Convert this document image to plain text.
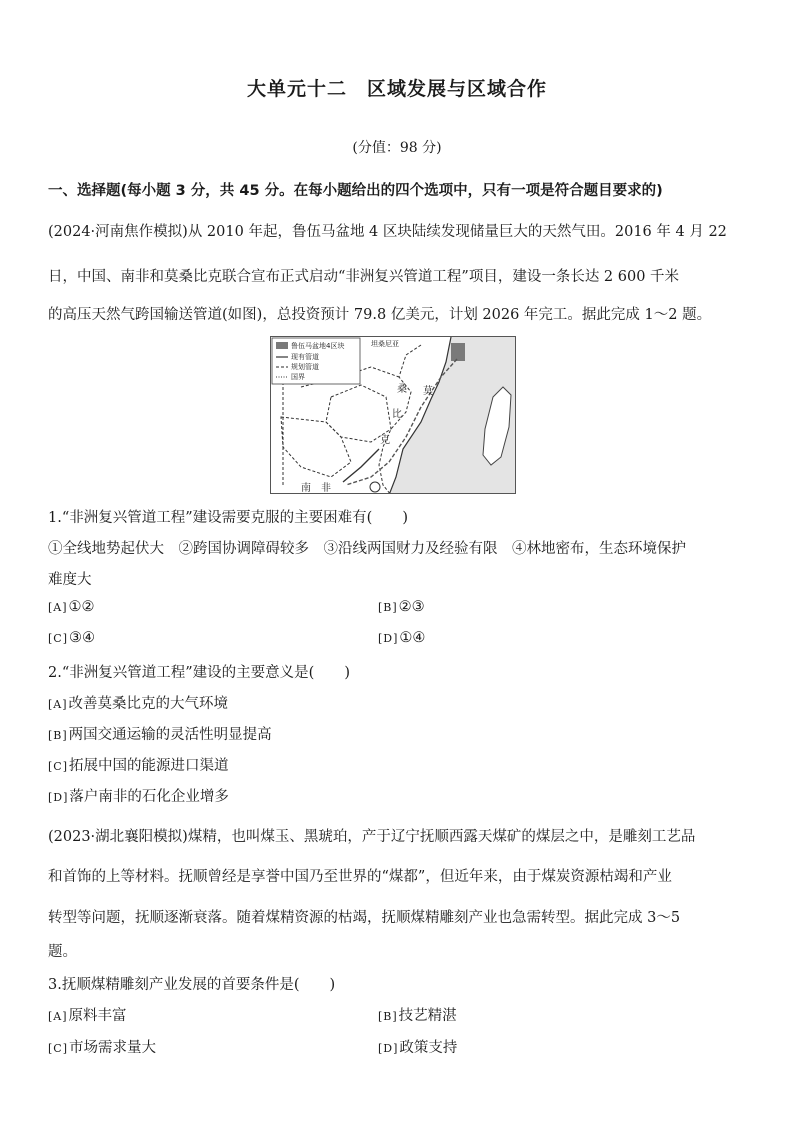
大单元十二　区域发展与区域合作
(分值：98 分)
一、选择题(每小题 3 分，共 45 分。在每小题给出的四个选项中，只有一项是符合题目要求的)
(2024·河南焦作模拟)从 2010 年起，鲁伍马盆地 4 区块陆续发现储量巨大的天然气田。2016 年 4 月 22
日，中国、南非和莫桑比克联合宣布正式启动“非洲复兴管道工程”项目，建设一条长达 2 600 千米
的高压天然气跨国输送管道(如图)，总投资预计 79.8 亿美元，计划 2026 年完工。据此完成 1～2 题。
鲁伍马盆地4区块
现有管道
规划管道
国界
坦桑尼亚
莫
桑
比
克
南　非
1.“非洲复兴管道工程”建设需要克服的主要困难有( )
①全线地势起伏大　②跨国协调障碍较多　③沿线两国财力及经验有限　④林地密布，生态环境保护
难度大
[A]①②	[B]②③
[C]③④	[D]①④
2.“非洲复兴管道工程”建设的主要意义是( )
[A]改善莫桑比克的大气环境
[B]两国交通运输的灵活性明显提高
[C]拓展中国的能源进口渠道
[D]落户南非的石化企业增多
(2023·湖北襄阳模拟)煤精，也叫煤玉、黑琥珀，产于辽宁抚顺西露天煤矿的煤层之中，是雕刻工艺品
和首饰的上等材料。抚顺曾经是享誉中国乃至世界的“煤都”，但近年来，由于煤炭资源枯竭和产业
转型等问题，抚顺逐渐衰落。随着煤精资源的枯竭，抚顺煤精雕刻产业也急需转型。据此完成 3～5
题。
3.抚顺煤精雕刻产业发展的首要条件是( )
[A]原料丰富	[B]技艺精湛
[C]市场需求量大	[D]政策支持
